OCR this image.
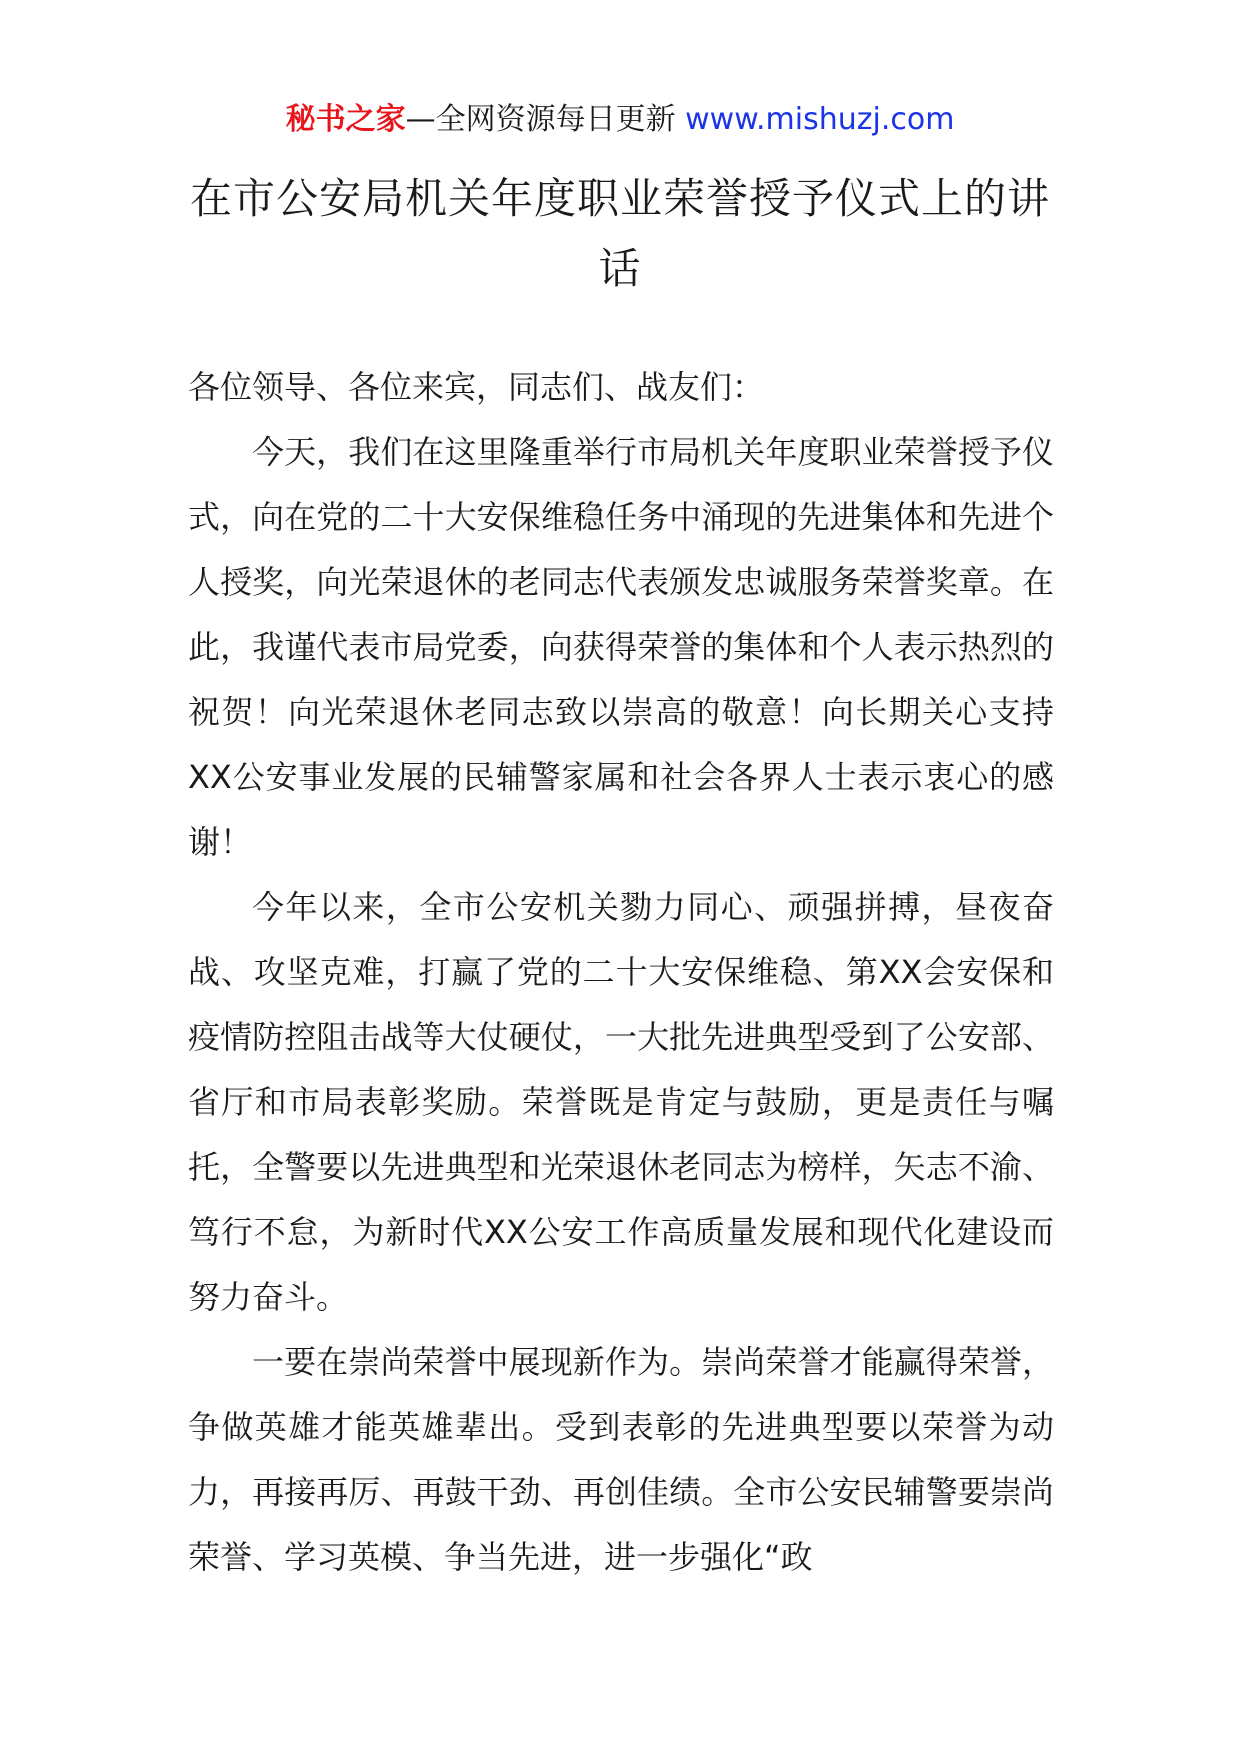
秘书之家—全网资源每日更新 www.mishuzj.com
在市公安局机关年度职业荣誉授予仪式上的讲话

各位领导、各位来宾，同志们、战友们：

今天，我们在这里隆重举行市局机关年度职业荣誉授予仪式，向在党的二十大安保维稳任务中涌现的先进集体和先进个人授奖，向光荣退休的老同志代表颁发忠诚服务荣誉奖章。在此，我谨代表市局党委，向获得荣誉的集体和个人表示热烈的祝贺！向光荣退休老同志致以崇高的敬意！向长期关心支持XX公安事业发展的民辅警家属和社会各界人士表示衷心的感谢！

今年以来，全市公安机关勠力同心、顽强拼搏，昼夜奋战、攻坚克难，打赢了党的二十大安保维稳、第XX会安保和疫情防控阻击战等大仗硬仗，一大批先进典型受到了公安部、省厅和市局表彰奖励。荣誉既是肯定与鼓励，更是责任与嘱托，全警要以先进典型和光荣退休老同志为榜样，矢志不渝、笃行不怠，为新时代XX公安工作高质量发展和现代化建设而努力奋斗。

一要在崇尚荣誉中展现新作为。崇尚荣誉才能赢得荣誉，争做英雄才能英雄辈出。受到表彰的先进典型要以荣誉为动力，再接再厉、再鼓干劲、再创佳绩。全市公安民辅警要崇尚荣誉、学习英模、争当先进，进一步强化“政
